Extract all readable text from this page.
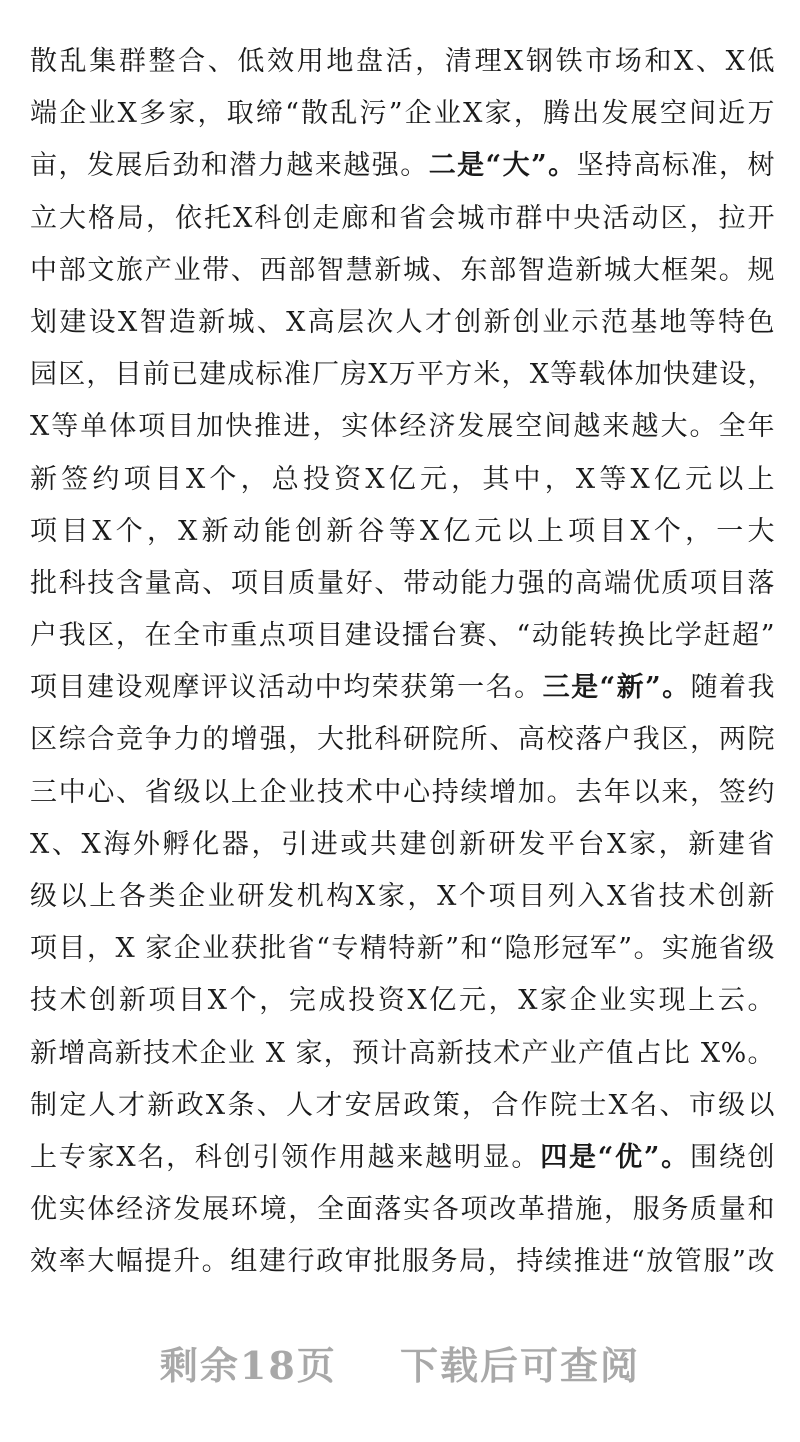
散乱集群整合、低效用地盘活，清理X钢铁市场和X、X低
端企业X多家，取缔“散乱污”企业X家，腾出发展空间近万
亩，发展后劲和潜力越来越强。二是“大”。坚持高标准，树
立大格局，依托X科创走廊和省会城市群中央活动区，拉开
中部文旅产业带、西部智慧新城、东部智造新城大框架。规
划建设X智造新城、X高层次人才创新创业示范基地等特色
园区，目前已建成标准厂房X万平方米，X等载体加快建设，
X等单体项目加快推进，实体经济发展空间越来越大。全年
新签约项目X个，总投资X亿元，其中，X等X亿元以上
项目X个，X新动能创新谷等X亿元以上项目X个，一大
批科技含量高、项目质量好、带动能力强的高端优质项目落
户我区，在全市重点项目建设擂台赛、“动能转换比学赶超”
项目建设观摩评议活动中均荣获第一名。三是“新”。随着我
区综合竞争力的增强，大批科研院所、高校落户我区，两院
三中心、省级以上企业技术中心持续增加。去年以来，签约
X、X海外孵化器，引进或共建创新研发平台X家，新建省
级以上各类企业研发机构X家，X个项目列入X省技术创新
项目，X 家企业获批省“专精特新”和“隐形冠军”。实施省级
技术创新项目X个，完成投资X亿元，X家企业实现上云。
新增高新技术企业 X 家，预计高新技术产业产值占比 X%。
制定人才新政X条、人才安居政策，合作院士X名、市级以
上专家X名，科创引领作用越来越明显。四是“优”。围绕创
优实体经济发展环境，全面落实各项改革措施，服务质量和
效率大幅提升。组建行政审批服务局，持续推进“放管服”改
剩余18页 下载后可查阅
